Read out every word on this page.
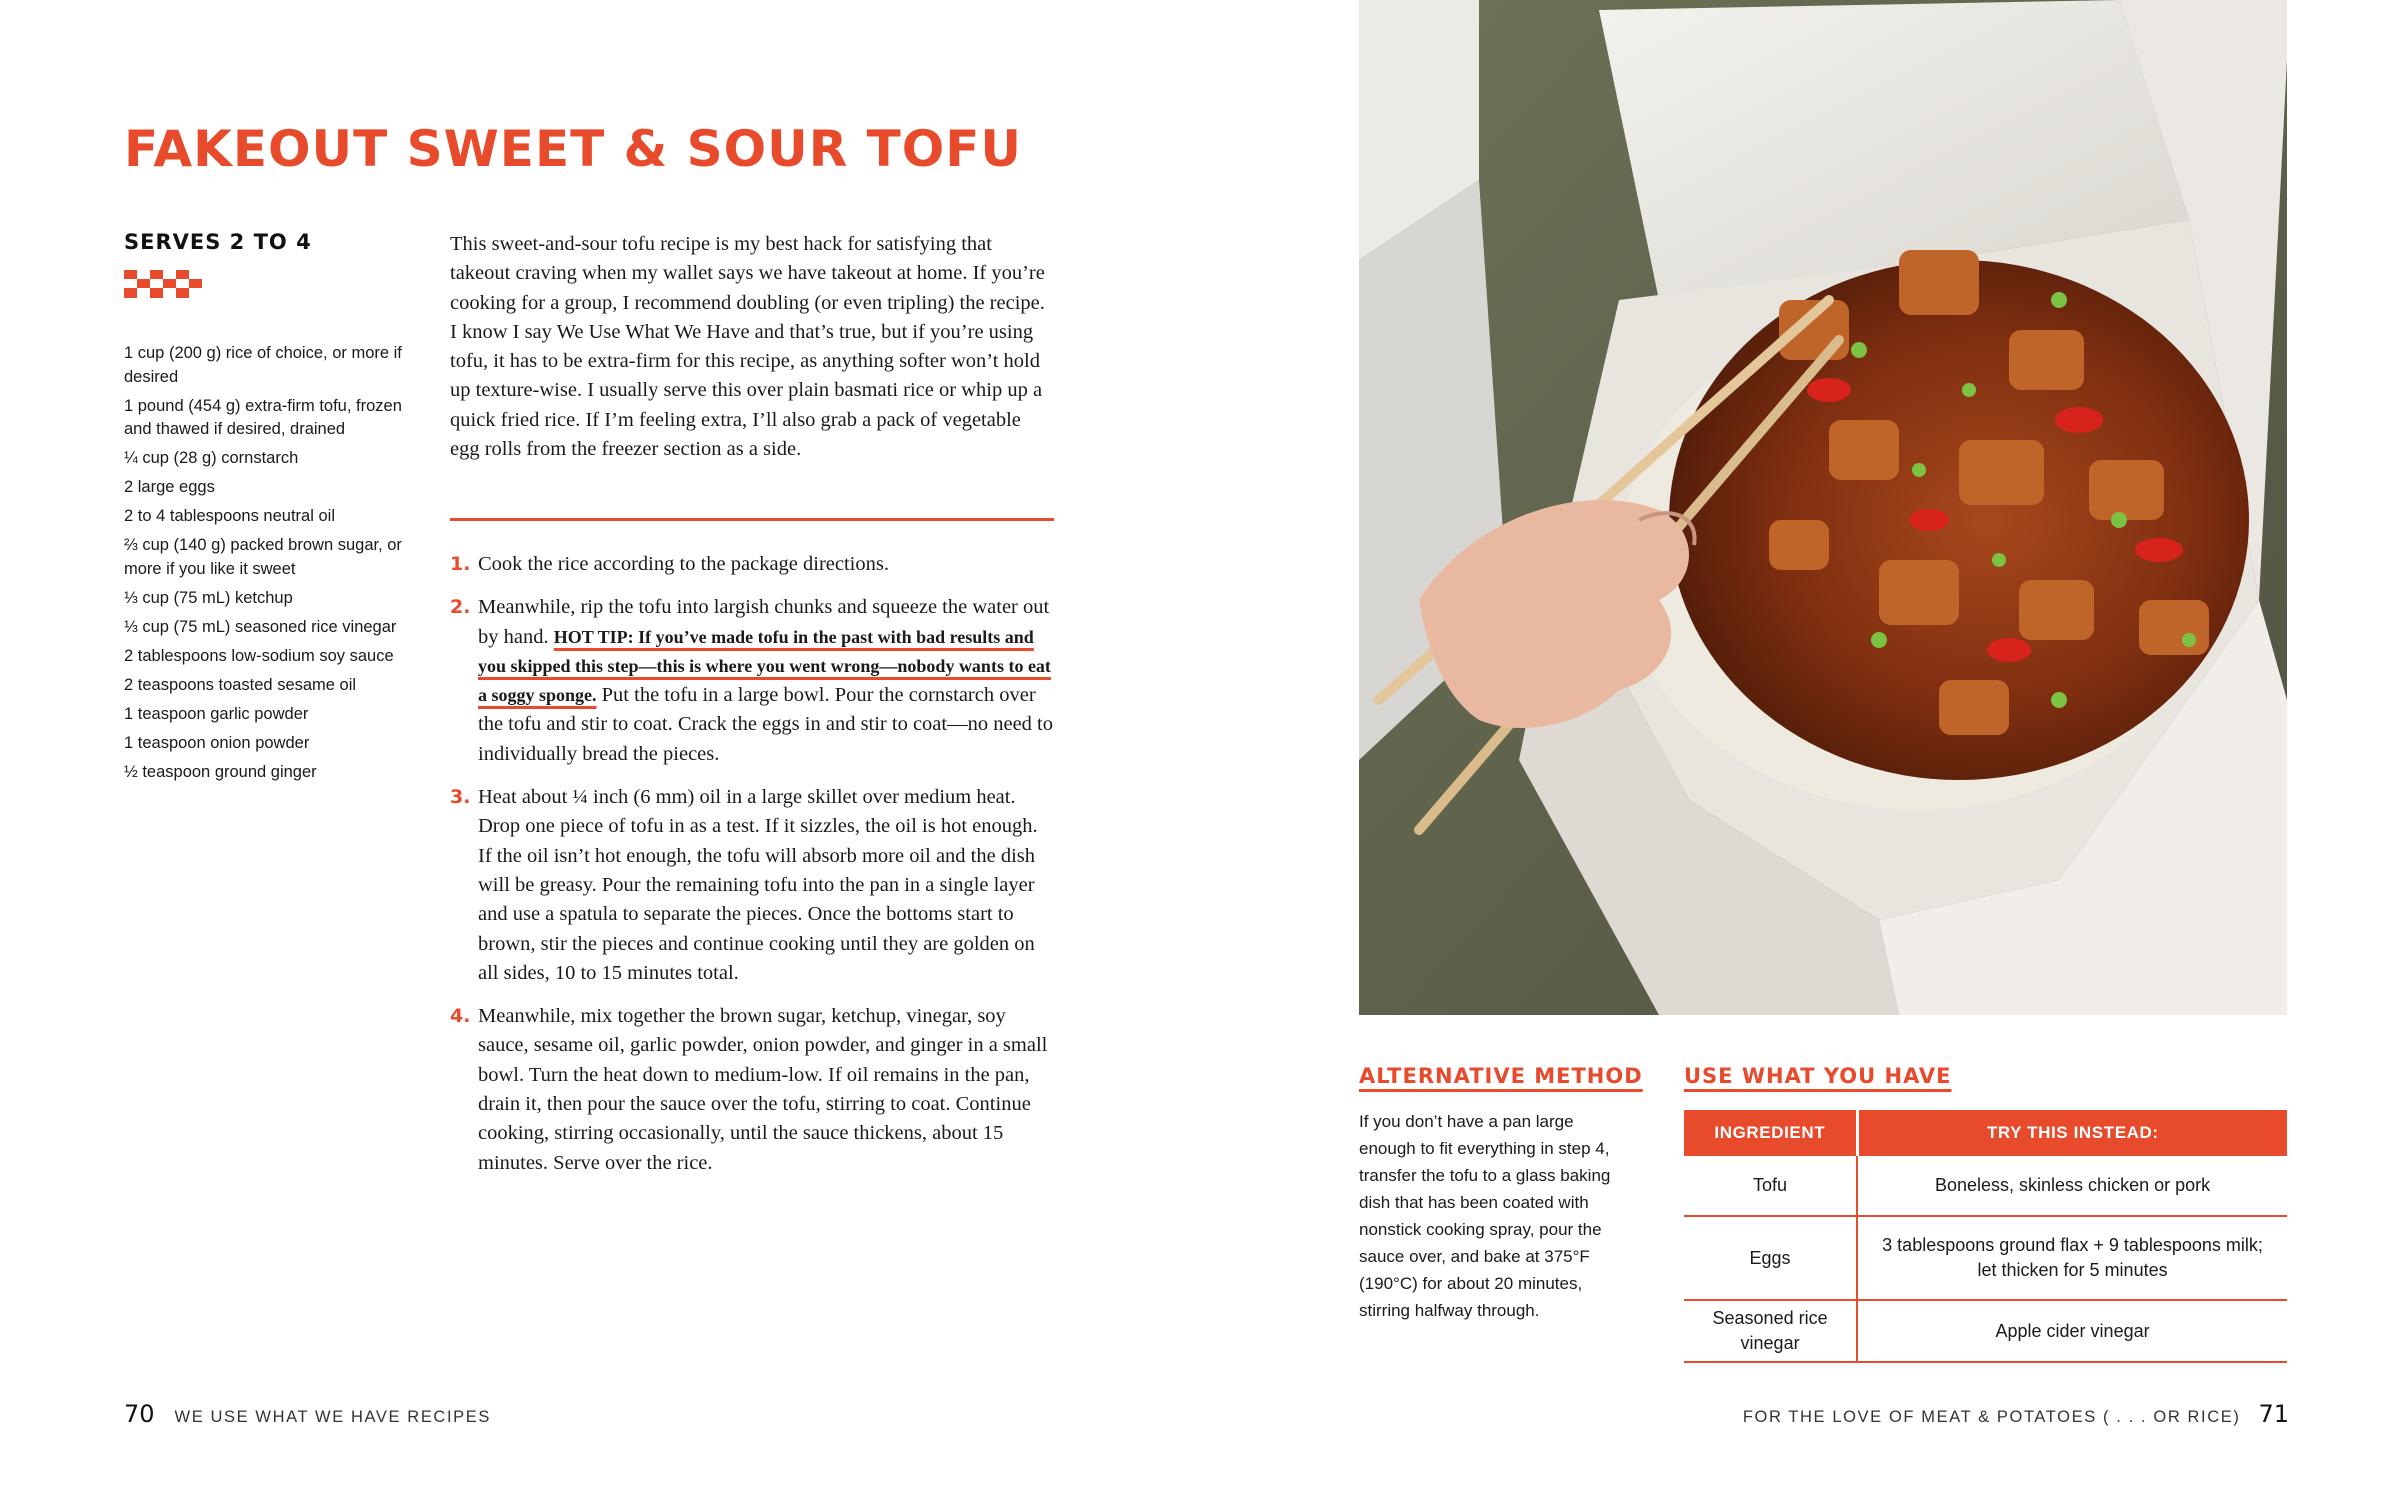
FAKEOUT SWEET & SOUR TOFU
SERVES 2 TO 4
1 cup (200 g) rice of choice, or more if desired
1 pound (454 g) extra-firm tofu, frozen and thawed if desired, drained
¼ cup (28 g) cornstarch
2 large eggs
2 to 4 tablespoons neutral oil
⅔ cup (140 g) packed brown sugar, or more if you like it sweet
⅓ cup (75 mL) ketchup
⅓ cup (75 mL) seasoned rice vinegar
2 tablespoons low-sodium soy sauce
2 teaspoons toasted sesame oil
1 teaspoon garlic powder
1 teaspoon onion powder
½ teaspoon ground ginger

This sweet-and-sour tofu recipe is my best hack for satisfying that takeout craving when my wallet says we have takeout at home. If you’re cooking for a group, I recommend doubling (or even tripling) the recipe. I know I say We Use What We Have and that’s true, but if you’re using tofu, it has to be extra-firm for this recipe, as anything softer won’t hold up texture-wise. I usually serve this over plain basmati rice or whip up a quick fried rice. If I’m feeling extra, I’ll also grab a pack of vegetable egg rolls from the freezer section as a side.

1. Cook the rice according to the package directions.
2. Meanwhile, rip the tofu into largish chunks and squeeze the water out by hand. HOT TIP: If you’ve made tofu in the past with bad results and you skipped this step—this is where you went wrong—nobody wants to eat a soggy sponge. Put the tofu in a large bowl. Pour the cornstarch over the tofu and stir to coat. Crack the eggs in and stir to coat—no need to individually bread the pieces.
3. Heat about ¼ inch (6 mm) oil in a large skillet over medium heat. Drop one piece of tofu in as a test. If it sizzles, the oil is hot enough. If the oil isn’t hot enough, the tofu will absorb more oil and the dish will be greasy. Pour the remaining tofu into the pan in a single layer and use a spatula to separate the pieces. Once the bottoms start to brown, stir the pieces and continue cooking until they are golden on all sides, 10 to 15 minutes total.
4. Meanwhile, mix together the brown sugar, ketchup, vinegar, soy sauce, sesame oil, garlic powder, onion powder, and ginger in a small bowl. Turn the heat down to medium-low. If oil remains in the pan, drain it, then pour the sauce over the tofu, stirring to coat. Continue cooking, stirring occasionally, until the sauce thickens, about 15 minutes. Serve over the rice.
70 WE USE WHAT WE HAVE RECIPES
ALTERNATIVE METHOD

If you don’t have a pan large enough to fit everything in step 4, transfer the tofu to a glass baking dish that has been coated with nonstick cooking spray, pour the sauce over, and bake at 375°F (190°C) for about 20 minutes, stirring halfway through.

USE WHAT YOU HAVE
INGREDIENT	TRY THIS INSTEAD:
Tofu	Boneless, skinless chicken or pork
Eggs	3 tablespoons ground flax + 9 tablespoons milk; let thicken for 5 minutes
Seasoned rice vinegar	Apple cider vinegar
FOR THE LOVE OF MEAT & POTATOES ( . . . OR RICE) 71
